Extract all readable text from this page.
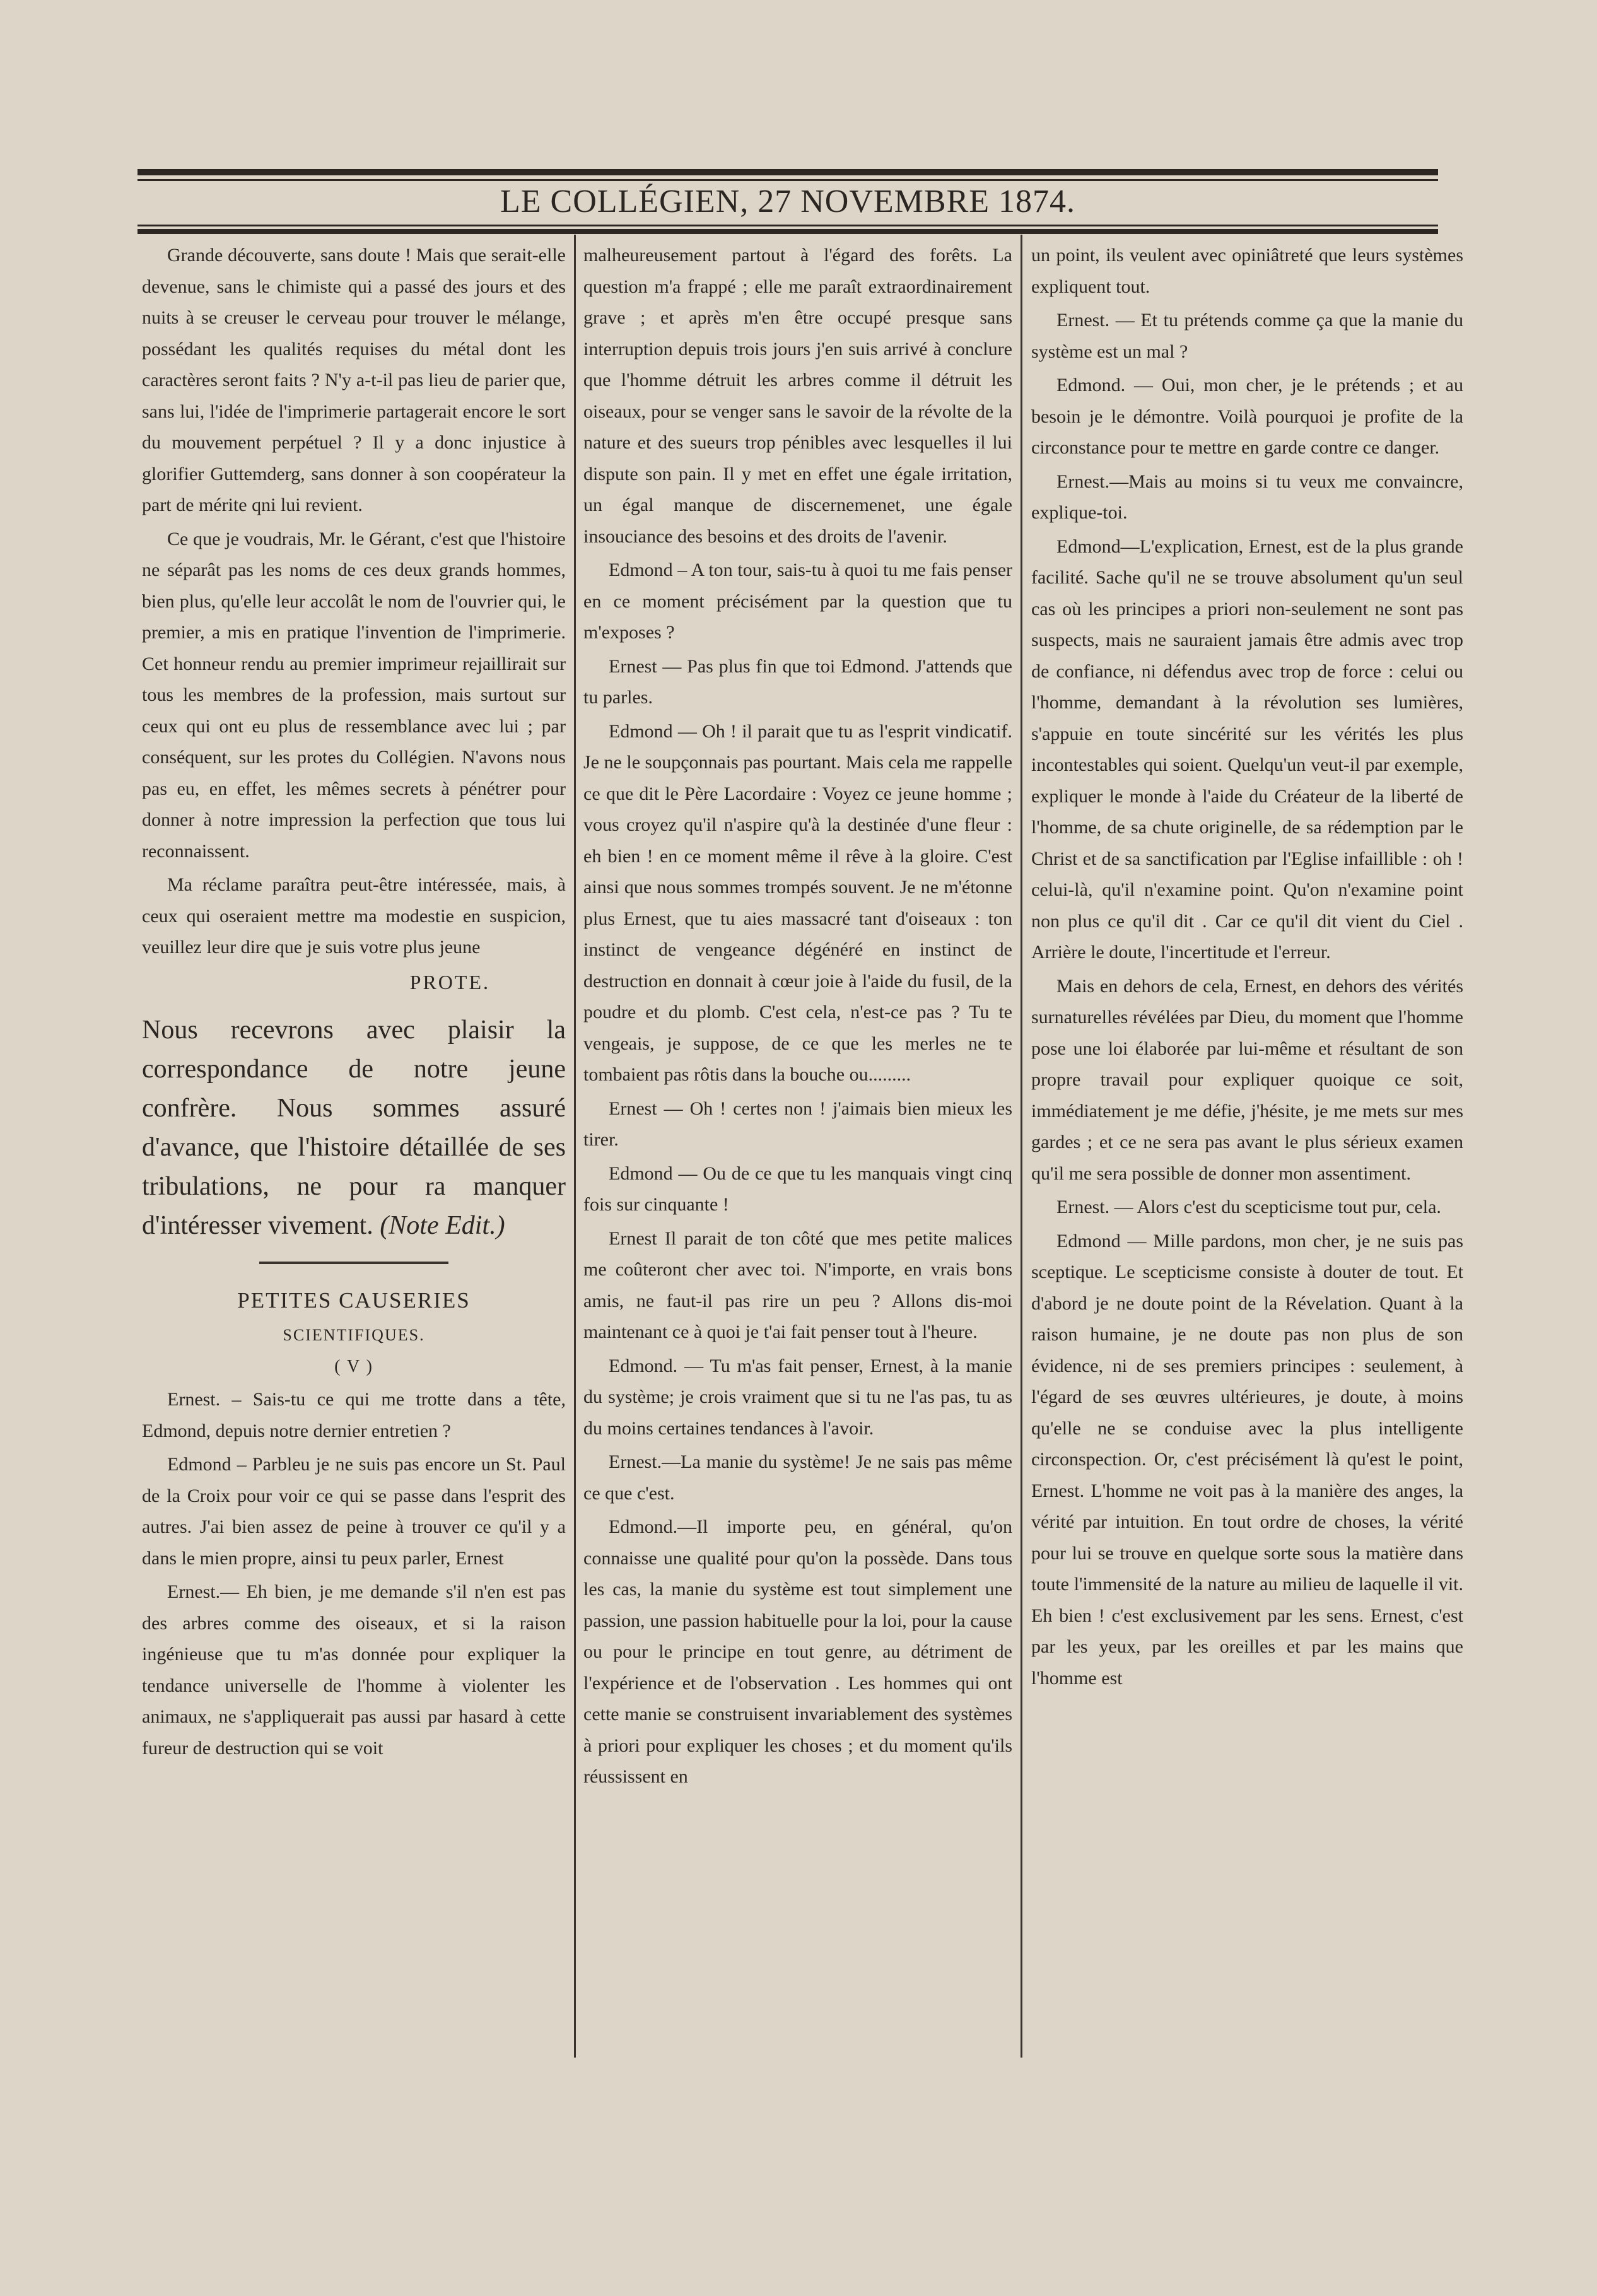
LE COLLÉGIEN, 27 NOVEMBRE 1874.

Grande découverte, sans doute ! Mais que serait-elle devenue, sans le chimiste qui a passé des jours et des nuits à se creuser le cerveau pour trouver le mélange, possédant les qualités requises du métal dont les caractères seront faits ? N'y a-t-il pas lieu de parier que, sans lui, l'idée de l'imprimerie partagerait encore le sort du mouvement perpétuel ? Il y a donc injustice à glorifier Guttemderg, sans donner à son coopérateur la part de mérite qni lui revient.

Ce que je voudrais, Mr. le Gérant, c'est que l'histoire ne séparât pas les noms de ces deux grands hommes, bien plus, qu'elle leur accolât le nom de l'ouvrier qui, le premier, a mis en pratique l'invention de l'imprimerie. Cet honneur rendu au premier imprimeur rejaillirait sur tous les membres de la profession, mais surtout sur ceux qui ont eu plus de ressemblance avec lui ; par conséquent, sur les protes du Collégien. N'avons nous pas eu, en effet, les mêmes secrets à pénétrer pour donner à notre impression la perfection que tous lui reconnaissent.

Ma réclame paraîtra peut-être intéressée, mais, à ceux qui oseraient mettre ma modestie en suspicion, veuillez leur dire que je suis votre plus jeune

PROTE.
Nous recevrons avec plaisir la correspondance de notre jeune confrère. Nous sommes assuré d'avance, que l'histoire détaillée de ses tribulations, ne pour ra manquer d'intéresser vivement. (Note Edit.)

PETITES CAUSERIES

SCIENTIFIQUES.

( V )

Ernest. – Sais-tu ce qui me trotte dans a tête, Edmond, depuis notre dernier entretien ?

Edmond – Parbleu je ne suis pas encore un St. Paul de la Croix pour voir ce qui se passe dans l'esprit des autres. J'ai bien assez de peine à trouver ce qu'il y a dans le mien propre, ainsi tu peux parler, Ernest

Ernest.— Eh bien, je me demande s'il n'en est pas des arbres comme des oiseaux, et si la raison ingénieuse que tu m'as donnée pour expliquer la tendance universelle de l'homme à violenter les animaux, ne s'appliquerait pas aussi par hasard à cette fureur de destruction qui se voit

malheureusement partout à l'égard des forêts. La question m'a frappé ; elle me paraît extraordinairement grave ; et après m'en être occupé presque sans interruption depuis trois jours j'en suis arrivé à conclure que l'homme détruit les arbres comme il détruit les oiseaux, pour se venger sans le savoir de la révolte de la nature et des sueurs trop pénibles avec lesquelles il lui dispute son pain. Il y met en effet une égale irritation, un égal manque de discernemenet, une égale insouciance des besoins et des droits de l'avenir.

Edmond – A ton tour, sais-tu à quoi tu me fais penser en ce moment précisément par la question que tu m'exposes ?

Ernest — Pas plus fin que toi Edmond. J'attends que tu parles.

Edmond — Oh ! il parait que tu as l'esprit vindicatif. Je ne le soupçonnais pas pourtant. Mais cela me rappelle ce que dit le Père Lacordaire : Voyez ce jeune homme ; vous croyez qu'il n'aspire qu'à la destinée d'une fleur : eh bien ! en ce moment même il rêve à la gloire. C'est ainsi que nous sommes trompés souvent. Je ne m'étonne plus Ernest, que tu aies massacré tant d'oiseaux : ton instinct de vengeance dégénéré en instinct de destruction en donnait à cœur joie à l'aide du fusil, de la poudre et du plomb. C'est cela, n'est-ce pas ? Tu te vengeais, je suppose, de ce que les merles ne te tombaient pas rôtis dans la bouche ou.........

Ernest — Oh ! certes non ! j'aimais bien mieux les tirer.

Edmond — Ou de ce que tu les manquais vingt cinq fois sur cinquante !

Ernest Il parait de ton côté que mes petite malices me coûteront cher avec toi. N'importe, en vrais bons amis, ne faut-il pas rire un peu ? Allons dis-moi maintenant ce à quoi je t'ai fait penser tout à l'heure.

Edmond. — Tu m'as fait penser, Ernest, à la manie du système; je crois vraiment que si tu ne l'as pas, tu as du moins certaines tendances à l'avoir.

Ernest.—La manie du système! Je ne sais pas même ce que c'est.

Edmond.—Il importe peu, en général, qu'on connaisse une qualité pour qu'on la possède. Dans tous les cas, la manie du système est tout simplement une passion, une passion habituelle pour la loi, pour la cause ou pour le principe en tout genre, au détriment de l'expérience et de l'observation . Les hommes qui ont cette manie se construisent invariablement des systèmes à priori pour expliquer les choses ; et du moment qu'ils réussissent en

un point, ils veulent avec opiniâtreté que leurs systèmes expliquent tout.

Ernest. — Et tu prétends comme ça que la manie du système est un mal ?

Edmond. — Oui, mon cher, je le prétends ; et au besoin je le démontre. Voilà pourquoi je profite de la circonstance pour te mettre en garde contre ce danger.

Ernest.—Mais au moins si tu veux me convaincre, explique-toi.

Edmond—L'explication, Ernest, est de la plus grande facilité. Sache qu'il ne se trouve absolument qu'un seul cas où les principes a priori non-seulement ne sont pas suspects, mais ne sauraient jamais être admis avec trop de confiance, ni défendus avec trop de force : celui ou l'homme, demandant à la révolution ses lumières, s'appuie en toute sincérité sur les vérités les plus incontestables qui soient. Quelqu'un veut-il par exemple, expliquer le monde à l'aide du Créateur de la liberté de l'homme, de sa chute originelle, de sa rédemption par le Christ et de sa sanctification par l'Eglise infaillible : oh ! celui-là, qu'il n'examine point. Qu'on n'examine point non plus ce qu'il dit . Car ce qu'il dit vient du Ciel . Arrière le doute, l'incertitude et l'erreur.

Mais en dehors de cela, Ernest, en dehors des vérités surnaturelles révélées par Dieu, du moment que l'homme pose une loi élaborée par lui-même et résultant de son propre travail pour expliquer quoique ce soit, immédiatement je me défie, j'hésite, je me mets sur mes gardes ; et ce ne sera pas avant le plus sérieux examen qu'il me sera possible de donner mon assentiment.

Ernest. — Alors c'est du scepticisme tout pur, cela.

Edmond — Mille pardons, mon cher, je ne suis pas sceptique. Le scepticisme consiste à douter de tout. Et d'abord je ne doute point de la Révelation. Quant à la raison humaine, je ne doute pas non plus de son évidence, ni de ses premiers principes : seulement, à l'égard de ses œuvres ultérieures, je doute, à moins qu'elle ne se conduise avec la plus intelligente circonspection. Or, c'est précisément là qu'est le point, Ernest. L'homme ne voit pas à la manière des anges, la vérité par intuition. En tout ordre de choses, la vérité pour lui se trouve en quelque sorte sous la matière dans toute l'immensité de la nature au milieu de laquelle il vit. Eh bien ! c'est exclusivement par les sens. Ernest, c'est par les yeux, par les oreilles et par les mains que l'homme est
